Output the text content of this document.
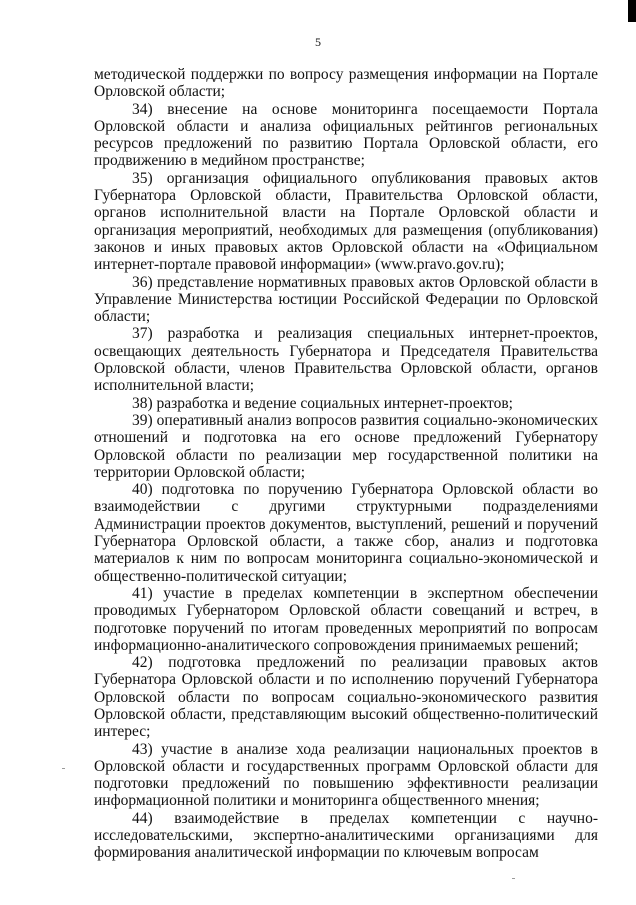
5

методической поддержки по вопросу размещения информации на Портале Орловской области;

34) внесение на основе мониторинга посещаемости Портала Орловской области и анализа официальных рейтингов региональных ресурсов предложений по развитию Портала Орловской области, его продвижению в медийном пространстве;

35) организация официального опубликования правовых актов Губернатора Орловской области, Правительства Орловской области, органов исполнительной власти на Портале Орловской области и организация мероприятий, необходимых для размещения (опубликования) законов и иных правовых актов Орловской области на «Официальном интернет-портале правовой информации» (www.pravo.gov.ru);

36) представление нормативных правовых актов Орловской области в Управление Министерства юстиции Российской Федерации по Орловской области;

37) разработка и реализация специальных интернет-проектов, освещающих деятельность Губернатора и Председателя Правительства Орловской области, членов Правительства Орловской области, органов исполнительной власти;

38) разработка и ведение социальных интернет-проектов;

39) оперативный анализ вопросов развития социально-экономических отношений и подготовка на его основе предложений Губернатору Орловской области по реализации мер государственной политики на территории Орловской области;

40) подготовка по поручению Губернатора Орловской области во взаимодействии с другими структурными подразделениями Администрации проектов документов, выступлений, решений и поручений Губернатора Орловской области, а также сбор, анализ и подготовка материалов к ним по вопросам мониторинга социально-экономической и общественно-политической ситуации;

41) участие в пределах компетенции в экспертном обеспечении проводимых Губернатором Орловской области совещаний и встреч, в подготовке поручений по итогам проведенных мероприятий по вопросам информационно-аналитического сопровождения принимаемых решений;

42) подготовка предложений по реализации правовых актов Губернатора Орловской области и по исполнению поручений Губернатора Орловской области по вопросам социально-экономического развития Орловской области, представляющим высокий общественно-политический интерес;

43) участие в анализе хода реализации национальных проектов в Орловской области и государственных программ Орловской области для подготовки предложений по повышению эффективности реализации информационной политики и мониторинга общественного мнения;

44) взаимодействие в пределах компетенции с научно-исследовательскими, экспертно-аналитическими организациями для формирования аналитической информации по ключевым вопросам
